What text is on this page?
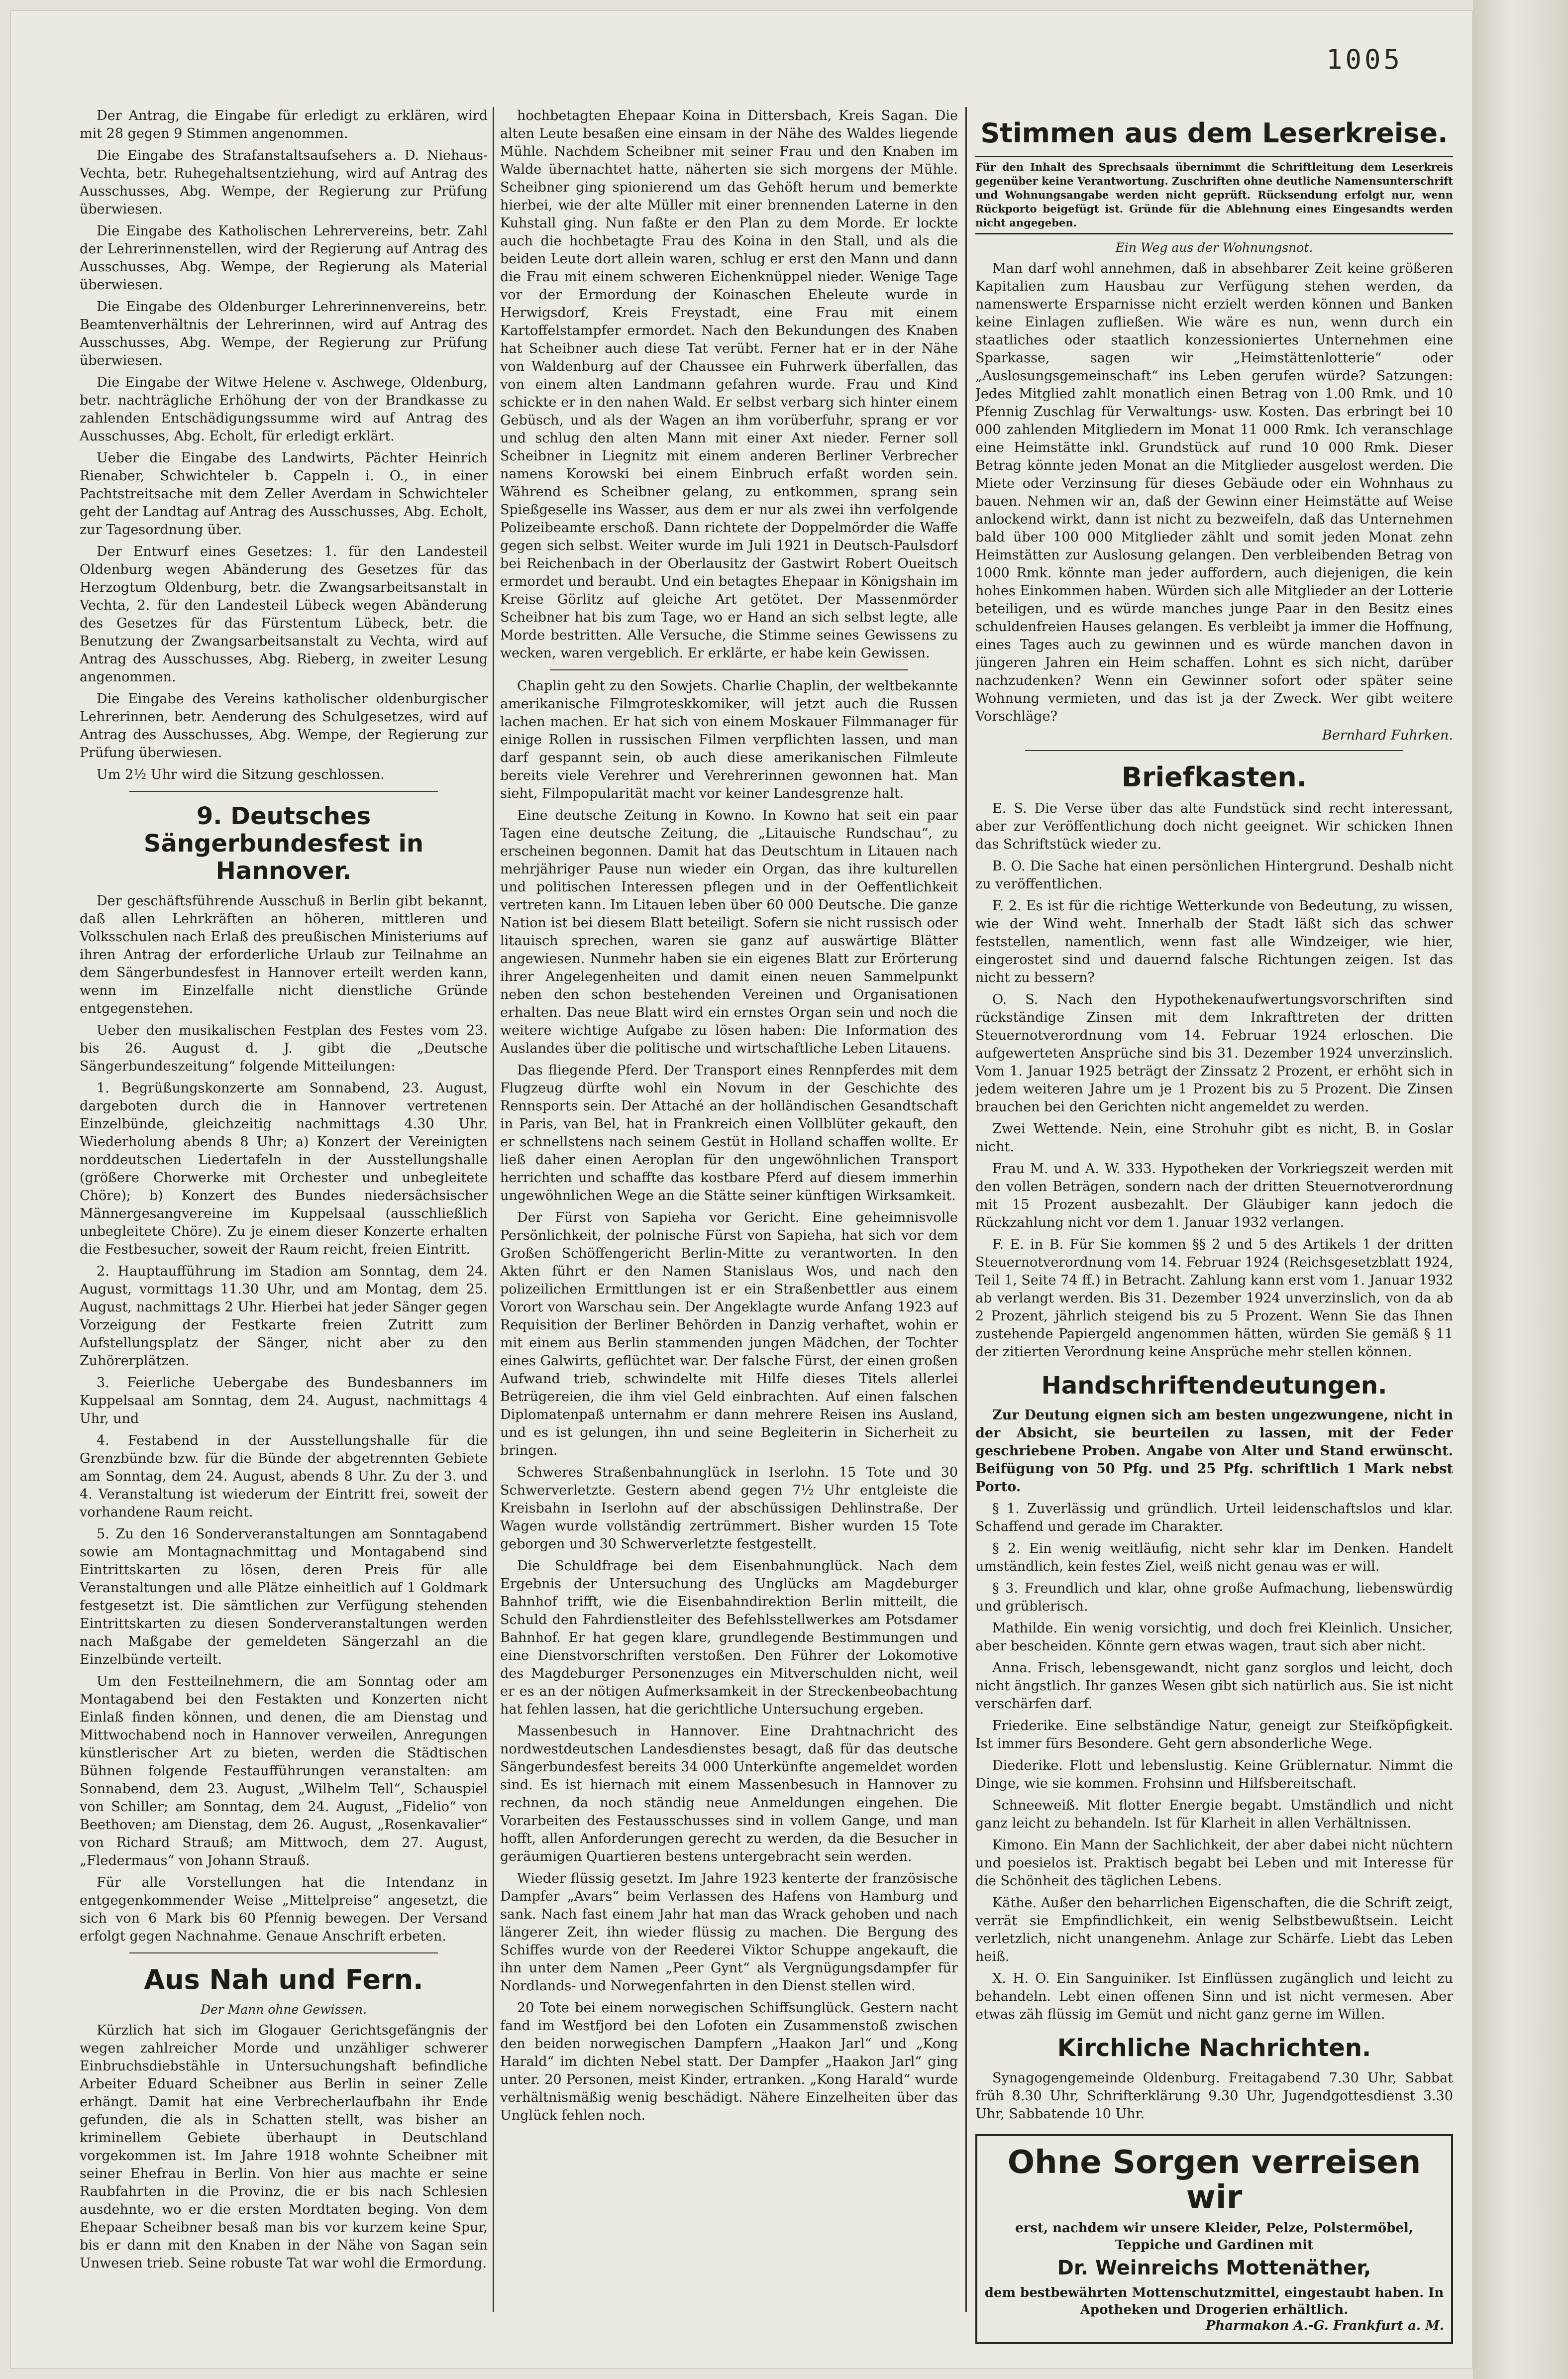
1005

Der Antrag, die Eingabe für erledigt zu erklären, wird mit 28 gegen 9 Stimmen angenommen.

Die Eingabe des Strafanstaltsaufsehers a. D. Niehaus-Vechta, betr. Ruhegehaltsentziehung, wird auf Antrag des Ausschusses, Abg. Wempe, der Regierung zur Prüfung überwiesen.

Die Eingabe des Katholischen Lehrervereins, betr. Zahl der Lehrerinnenstellen, wird der Regierung auf Antrag des Ausschusses, Abg. Wempe, der Regierung als Material überwiesen.

Die Eingabe des Oldenburger Lehrerinnenvereins, betr. Beamtenverhältnis der Lehrerinnen, wird auf Antrag des Ausschusses, Abg. Wempe, der Regierung zur Prüfung überwiesen.

Die Eingabe der Witwe Helene v. Aschwege, Oldenburg, betr. nachträgliche Erhöhung der von der Brandkasse zu zahlenden Entschädigungssumme wird auf Antrag des Ausschusses, Abg. Echolt, für erledigt erklärt.

Ueber die Eingabe des Landwirts, Pächter Heinrich Rienaber, Schwichteler b. Cappeln i. O., in einer Pachtstreitsache mit dem Zeller Averdam in Schwichteler geht der Landtag auf Antrag des Ausschusses, Abg. Echolt, zur Tagesordnung über.

Der Entwurf eines Gesetzes: 1. für den Landesteil Oldenburg wegen Abänderung des Gesetzes für das Herzogtum Oldenburg, betr. die Zwangsarbeitsanstalt in Vechta, 2. für den Landesteil Lübeck wegen Abänderung des Gesetzes für das Fürstentum Lübeck, betr. die Benutzung der Zwangsarbeitsanstalt zu Vechta, wird auf Antrag des Ausschusses, Abg. Rieberg, in zweiter Lesung angenommen.

Die Eingabe des Vereins katholischer oldenburgischer Lehrerinnen, betr. Aenderung des Schulgesetzes, wird auf Antrag des Ausschusses, Abg. Wempe, der Regierung zur Prüfung überwiesen.

Um 2½ Uhr wird die Sitzung geschlossen.

9. Deutsches Sängerbundesfest in Hannover.

Der geschäftsführende Ausschuß in Berlin gibt bekannt, daß allen Lehrkräften an höheren, mittleren und Volksschulen nach Erlaß des preußischen Ministeriums auf ihren Antrag der erforderliche Urlaub zur Teilnahme an dem Sängerbundesfest in Hannover erteilt werden kann, wenn im Einzelfalle nicht dienstliche Gründe entgegenstehen.

Ueber den musikalischen Festplan des Festes vom 23. bis 26. August d. J. gibt die „Deutsche Sängerbundeszeitung“ folgende Mitteilungen:

1. Begrüßungskonzerte am Sonnabend, 23. August, dargeboten durch die in Hannover vertretenen Einzelbünde, gleichzeitig nachmittags 4.30 Uhr. Wiederholung abends 8 Uhr; a) Konzert der Vereinigten norddeutschen Liedertafeln in der Ausstellungshalle (größere Chorwerke mit Orchester und unbegleitete Chöre); b) Konzert des Bundes niedersächsischer Männergesangvereine im Kuppelsaal (ausschließlich unbegleitete Chöre). Zu je einem dieser Konzerte erhalten die Festbesucher, soweit der Raum reicht, freien Eintritt.

2. Hauptaufführung im Stadion am Sonntag, dem 24. August, vormittags 11.30 Uhr, und am Montag, dem 25. August, nachmittags 2 Uhr. Hierbei hat jeder Sänger gegen Vorzeigung der Festkarte freien Zutritt zum Aufstellungsplatz der Sänger, nicht aber zu den Zuhörerplätzen.

3. Feierliche Uebergabe des Bundesbanners im Kuppelsaal am Sonntag, dem 24. August, nachmittags 4 Uhr, und

4. Festabend in der Ausstellungshalle für die Grenzbünde bzw. für die Bünde der abgetrennten Gebiete am Sonntag, dem 24. August, abends 8 Uhr. Zu der 3. und 4. Veranstaltung ist wiederum der Eintritt frei, soweit der vorhandene Raum reicht.

5. Zu den 16 Sonderveranstaltungen am Sonntagabend sowie am Montagnachmittag und Montagabend sind Eintrittskarten zu lösen, deren Preis für alle Veranstaltungen und alle Plätze einheitlich auf 1 Goldmark festgesetzt ist. Die sämtlichen zur Verfügung stehenden Eintrittskarten zu diesen Sonderveranstaltungen werden nach Maßgabe der gemeldeten Sängerzahl an die Einzelbünde verteilt.

Um den Festteilnehmern, die am Sonntag oder am Montagabend bei den Festakten und Konzerten nicht Einlaß finden können, und denen, die am Dienstag und Mittwochabend noch in Hannover verweilen, Anregungen künstlerischer Art zu bieten, werden die Städtischen Bühnen folgende Festaufführungen veranstalten: am Sonnabend, dem 23. August, „Wilhelm Tell“, Schauspiel von Schiller; am Sonntag, dem 24. August, „Fidelio“ von Beethoven; am Dienstag, dem 26. August, „Rosenkavalier“ von Richard Strauß; am Mittwoch, dem 27. August, „Fledermaus“ von Johann Strauß.

Für alle Vorstellungen hat die Intendanz in entgegenkommender Weise „Mittelpreise“ angesetzt, die sich von 6 Mark bis 60 Pfennig bewegen. Der Versand erfolgt gegen Nachnahme. Genaue Anschrift erbeten.

Aus Nah und Fern.
Der Mann ohne Gewissen.

Kürzlich hat sich im Glogauer Gerichtsgefängnis der wegen zahlreicher Morde und unzähliger schwerer Einbruchsdiebstähle in Untersuchungshaft befindliche Arbeiter Eduard Scheibner aus Berlin in seiner Zelle erhängt. Damit hat eine Verbrecherlaufbahn ihr Ende gefunden, die als in Schatten stellt, was bisher an kriminellem Gebiete überhaupt in Deutschland vorgekommen ist. Im Jahre 1918 wohnte Scheibner mit seiner Ehefrau in Berlin. Von hier aus machte er seine Raubfahrten in die Provinz, die er bis nach Schlesien ausdehnte, wo er die ersten Mordtaten beging. Von dem Ehepaar Scheibner besaß man bis vor kurzem keine Spur, bis er dann mit den Knaben in der Nähe von Sagan sein Unwesen trieb. Seine robuste Tat war wohl die Ermordung.

hochbetagten Ehepaar Koina in Dittersbach, Kreis Sagan. Die alten Leute besaßen eine einsam in der Nähe des Waldes liegende Mühle. Nachdem Scheibner mit seiner Frau und den Knaben im Walde übernachtet hatte, näherten sie sich morgens der Mühle. Scheibner ging spionierend um das Gehöft herum und bemerkte hierbei, wie der alte Müller mit einer brennenden Laterne in den Kuhstall ging. Nun faßte er den Plan zu dem Morde. Er lockte auch die hochbetagte Frau des Koina in den Stall, und als die beiden Leute dort allein waren, schlug er erst den Mann und dann die Frau mit einem schweren Eichenknüppel nieder. Wenige Tage vor der Ermordung der Koinaschen Eheleute wurde in Herwigsdorf, Kreis Freystadt, eine Frau mit einem Kartoffelstampfer ermordet. Nach den Bekundungen des Knaben hat Scheibner auch diese Tat verübt. Ferner hat er in der Nähe von Waldenburg auf der Chaussee ein Fuhrwerk überfallen, das von einem alten Landmann gefahren wurde. Frau und Kind schickte er in den nahen Wald. Er selbst verbarg sich hinter einem Gebüsch, und als der Wagen an ihm vorüberfuhr, sprang er vor und schlug den alten Mann mit einer Axt nieder. Ferner soll Scheibner in Liegnitz mit einem anderen Berliner Verbrecher namens Korowski bei einem Einbruch erfaßt worden sein. Während es Scheibner gelang, zu entkommen, sprang sein Spießgeselle ins Wasser, aus dem er nur als zwei ihn verfolgende Polizeibeamte erschoß. Dann richtete der Doppelmörder die Waffe gegen sich selbst. Weiter wurde im Juli 1921 in Deutsch-Paulsdorf bei Reichenbach in der Oberlausitz der Gastwirt Robert Oueitsch ermordet und beraubt. Und ein betagtes Ehepaar in Königshain im Kreise Görlitz auf gleiche Art getötet. Der Massenmörder Scheibner hat bis zum Tage, wo er Hand an sich selbst legte, alle Morde bestritten. Alle Versuche, die Stimme seines Gewissens zu wecken, waren vergeblich. Er erklärte, er habe kein Gewissen.

Chaplin geht zu den Sowjets. Charlie Chaplin, der weltbekannte amerikanische Filmgroteskkomiker, will jetzt auch die Russen lachen machen. Er hat sich von einem Moskauer Filmmanager für einige Rollen in russischen Filmen verpflichten lassen, und man darf gespannt sein, ob auch diese amerikanischen Filmleute bereits viele Verehrer und Verehrerinnen gewonnen hat. Man sieht, Filmpopularität macht vor keiner Landesgrenze halt.

Eine deutsche Zeitung in Kowno. In Kowno hat seit ein paar Tagen eine deutsche Zeitung, die „Litauische Rundschau“, zu erscheinen begonnen. Damit hat das Deutschtum in Litauen nach mehrjähriger Pause nun wieder ein Organ, das ihre kulturellen und politischen Interessen pflegen und in der Oeffentlichkeit vertreten kann. Im Litauen leben über 60 000 Deutsche. Die ganze Nation ist bei diesem Blatt beteiligt. Sofern sie nicht russisch oder litauisch sprechen, waren sie ganz auf auswärtige Blätter angewiesen. Nunmehr haben sie ein eigenes Blatt zur Erörterung ihrer Angelegenheiten und damit einen neuen Sammelpunkt neben den schon bestehenden Vereinen und Organisationen erhalten. Das neue Blatt wird ein ernstes Organ sein und noch die weitere wichtige Aufgabe zu lösen haben: Die Information des Auslandes über die politische und wirtschaftliche Leben Litauens.

Das fliegende Pferd. Der Transport eines Rennpferdes mit dem Flugzeug dürfte wohl ein Novum in der Geschichte des Rennsports sein. Der Attaché an der holländischen Gesandtschaft in Paris, van Bel, hat in Frankreich einen Vollblüter gekauft, den er schnellstens nach seinem Gestüt in Holland schaffen wollte. Er ließ daher einen Aeroplan für den ungewöhnlichen Transport herrichten und schaffte das kostbare Pferd auf diesem immerhin ungewöhnlichen Wege an die Stätte seiner künftigen Wirksamkeit.

Der Fürst von Sapieha vor Gericht. Eine geheimnisvolle Persönlichkeit, der polnische Fürst von Sapieha, hat sich vor dem Großen Schöffengericht Berlin-Mitte zu verantworten. In den Akten führt er den Namen Stanislaus Wos, und nach den polizeilichen Ermittlungen ist er ein Straßenbettler aus einem Vorort von Warschau sein. Der Angeklagte wurde Anfang 1923 auf Requisition der Berliner Behörden in Danzig verhaftet, wohin er mit einem aus Berlin stammenden jungen Mädchen, der Tochter eines Galwirts, geflüchtet war. Der falsche Fürst, der einen großen Aufwand trieb, schwindelte mit Hilfe dieses Titels allerlei Betrügereien, die ihm viel Geld einbrachten. Auf einen falschen Diplomatenpaß unternahm er dann mehrere Reisen ins Ausland, und es ist gelungen, ihn und seine Begleiterin in Sicherheit zu bringen.

Schweres Straßenbahnunglück in Iserlohn. 15 Tote und 30 Schwerverletzte. Gestern abend gegen 7½ Uhr entgleiste die Kreisbahn in Iserlohn auf der abschüssigen Dehlinstraße. Der Wagen wurde vollständig zertrümmert. Bisher wurden 15 Tote geborgen und 30 Schwerverletzte festgestellt.

Die Schuldfrage bei dem Eisenbahnunglück. Nach dem Ergebnis der Untersuchung des Unglücks am Magdeburger Bahnhof trifft, wie die Eisenbahndirektion Berlin mitteilt, die Schuld den Fahrdienstleiter des Befehlsstellwerkes am Potsdamer Bahnhof. Er hat gegen klare, grundlegende Bestimmungen und eine Dienstvorschriften verstoßen. Den Führer der Lokomotive des Magdeburger Personenzuges ein Mitverschulden nicht, weil er es an der nötigen Aufmerksamkeit in der Streckenbeobachtung hat fehlen lassen, hat die gerichtliche Untersuchung ergeben.

Massenbesuch in Hannover. Eine Drahtnachricht des nordwestdeutschen Landesdienstes besagt, daß für das deutsche Sängerbundesfest bereits 34 000 Unterkünfte angemeldet worden sind. Es ist hiernach mit einem Massenbesuch in Hannover zu rechnen, da noch ständig neue Anmeldungen eingehen. Die Vorarbeiten des Festausschusses sind in vollem Gange, und man hofft, allen Anforderungen gerecht zu werden, da die Besucher in geräumigen Quartieren bestens untergebracht sein werden.

Wieder flüssig gesetzt. Im Jahre 1923 kenterte der französische Dampfer „Avars“ beim Verlassen des Hafens von Hamburg und sank. Nach fast einem Jahr hat man das Wrack gehoben und nach längerer Zeit, ihn wieder flüssig zu machen. Die Bergung des Schiffes wurde von der Reederei Viktor Schuppe angekauft, die ihn unter dem Namen „Peer Gynt“ als Vergnügungsdampfer für Nordlands- und Norwegenfahrten in den Dienst stellen wird.

20 Tote bei einem norwegischen Schiffsunglück. Gestern nacht fand im Westfjord bei den Lofoten ein Zusammenstoß zwischen den beiden norwegischen Dampfern „Haakon Jarl“ und „Kong Harald“ im dichten Nebel statt. Der Dampfer „Haakon Jarl“ ging unter. 20 Personen, meist Kinder, ertranken. „Kong Harald“ wurde verhältnismäßig wenig beschädigt. Nähere Einzelheiten über das Unglück fehlen noch.

Stimmen aus dem Leserkreise.
Für den Inhalt des Sprechsaals übernimmt die Schriftleitung dem Leserkreis gegenüber keine Verantwortung. Zuschriften ohne deutliche Namensunterschrift und Wohnungsangabe werden nicht geprüft. Rücksendung erfolgt nur, wenn Rückporto beigefügt ist. Gründe für die Ablehnung eines Eingesandts werden nicht angegeben.
Ein Weg aus der Wohnungsnot.

Man darf wohl annehmen, daß in absehbarer Zeit keine größeren Kapitalien zum Hausbau zur Verfügung stehen werden, da namenswerte Ersparnisse nicht erzielt werden können und Banken keine Einlagen zufließen. Wie wäre es nun, wenn durch ein staatliches oder staatlich konzessioniertes Unternehmen eine Sparkasse, sagen wir „Heimstättenlotterie“ oder „Auslosungsgemeinschaft“ ins Leben gerufen würde? Satzungen: Jedes Mitglied zahlt monatlich einen Betrag von 1.00 Rmk. und 10 Pfennig Zuschlag für Verwaltungs- usw. Kosten. Das erbringt bei 10 000 zahlenden Mitgliedern im Monat 11 000 Rmk. Ich veranschlage eine Heimstätte inkl. Grundstück auf rund 10 000 Rmk. Dieser Betrag könnte jeden Monat an die Mitglieder ausgelost werden. Die Miete oder Verzinsung für dieses Gebäude oder ein Wohnhaus zu bauen. Nehmen wir an, daß der Gewinn einer Heimstätte auf Weise anlockend wirkt, dann ist nicht zu bezweifeln, daß das Unternehmen bald über 100 000 Mitglieder zählt und somit jeden Monat zehn Heimstätten zur Auslosung gelangen. Den verbleibenden Betrag von 1000 Rmk. könnte man jeder auffordern, auch diejenigen, die kein hohes Einkommen haben. Würden sich alle Mitglieder an der Lotterie beteiligen, und es würde manches junge Paar in den Besitz eines schuldenfreien Hauses gelangen. Es verbleibt ja immer die Hoffnung, eines Tages auch zu gewinnen und es würde manchen davon in jüngeren Jahren ein Heim schaffen. Lohnt es sich nicht, darüber nachzudenken? Wenn ein Gewinner sofort oder später seine Wohnung vermieten, und das ist ja der Zweck. Wer gibt weitere Vorschläge?

Bernhard Fuhrken.
Briefkasten.

E. S. Die Verse über das alte Fundstück sind recht interessant, aber zur Veröffentlichung doch nicht geeignet. Wir schicken Ihnen das Schriftstück wieder zu.

B. O. Die Sache hat einen persönlichen Hintergrund. Deshalb nicht zu veröffentlichen.

F. 2. Es ist für die richtige Wetterkunde von Bedeutung, zu wissen, wie der Wind weht. Innerhalb der Stadt läßt sich das schwer feststellen, namentlich, wenn fast alle Windzeiger, wie hier, eingerostet sind und dauernd falsche Richtungen zeigen. Ist das nicht zu bessern?

O. S. Nach den Hypothekenaufwertungsvorschriften sind rückständige Zinsen mit dem Inkrafttreten der dritten Steuernotverordnung vom 14. Februar 1924 erloschen. Die aufgewerteten Ansprüche sind bis 31. Dezember 1924 unverzinslich. Vom 1. Januar 1925 beträgt der Zinssatz 2 Prozent, er erhöht sich in jedem weiteren Jahre um je 1 Prozent bis zu 5 Prozent. Die Zinsen brauchen bei den Gerichten nicht angemeldet zu werden.

Zwei Wettende. Nein, eine Strohuhr gibt es nicht, B. in Goslar nicht.

Frau M. und A. W. 333. Hypotheken der Vorkriegszeit werden mit den vollen Beträgen, sondern nach der dritten Steuernotverordnung mit 15 Prozent ausbezahlt. Der Gläubiger kann jedoch die Rückzahlung nicht vor dem 1. Januar 1932 verlangen.

F. E. in B. Für Sie kommen §§ 2 und 5 des Artikels 1 der dritten Steuernotverordnung vom 14. Februar 1924 (Reichsgesetzblatt 1924, Teil 1, Seite 74 ff.) in Betracht. Zahlung kann erst vom 1. Januar 1932 ab verlangt werden. Bis 31. Dezember 1924 unverzinslich, von da ab 2 Prozent, jährlich steigend bis zu 5 Prozent. Wenn Sie das Ihnen zustehende Papiergeld angenommen hätten, würden Sie gemäß § 11 der zitierten Verordnung keine Ansprüche mehr stellen können.

Handschriftendeutungen.

Zur Deutung eignen sich am besten ungezwungene, nicht in der Absicht, sie beurteilen zu lassen, mit der Feder geschriebene Proben. Angabe von Alter und Stand erwünscht. Beifügung von 50 Pfg. und 25 Pfg. schriftlich 1 Mark nebst Porto.

§ 1. Zuverlässig und gründlich. Urteil leidenschaftslos und klar. Schaffend und gerade im Charakter.

§ 2. Ein wenig weitläufig, nicht sehr klar im Denken. Handelt umständlich, kein festes Ziel, weiß nicht genau was er will.

§ 3. Freundlich und klar, ohne große Aufmachung, liebenswürdig und grüblerisch.

Mathilde. Ein wenig vorsichtig, und doch frei Kleinlich. Unsicher, aber bescheiden. Könnte gern etwas wagen, traut sich aber nicht.

Anna. Frisch, lebensgewandt, nicht ganz sorglos und leicht, doch nicht ängstlich. Ihr ganzes Wesen gibt sich natürlich aus. Sie ist nicht verschärfen darf.

Friederike. Eine selbständige Natur, geneigt zur Steifköpfigkeit. Ist immer fürs Besondere. Geht gern absonderliche Wege.

Diederike. Flott und lebenslustig. Keine Grüblernatur. Nimmt die Dinge, wie sie kommen. Frohsinn und Hilfsbereitschaft.

Schneeweiß. Mit flotter Energie begabt. Umständlich und nicht ganz leicht zu behandeln. Ist für Klarheit in allen Verhältnissen.

Kimono. Ein Mann der Sachlichkeit, der aber dabei nicht nüchtern und poesielos ist. Praktisch begabt bei Leben und mit Interesse für die Schönheit des täglichen Lebens.

Käthe. Außer den beharrlichen Eigenschaften, die die Schrift zeigt, verrät sie Empfindlichkeit, ein wenig Selbstbewußtsein. Leicht verletzlich, nicht unangenehm. Anlage zur Schärfe. Liebt das Leben heiß.

X. H. O. Ein Sanguiniker. Ist Einflüssen zugänglich und leicht zu behandeln. Lebt einen offenen Sinn und ist nicht vermesen. Aber etwas zäh flüssig im Gemüt und nicht ganz gerne im Willen.

Kirchliche Nachrichten.

Synagogengemeinde Oldenburg. Freitagabend 7.30 Uhr, Sabbat früh 8.30 Uhr, Schrifterklärung 9.30 Uhr, Jugendgottesdienst 3.30 Uhr, Sabbatende 10 Uhr.

Ohne Sorgen verreisen wir
erst, nachdem wir unsere Kleider, Pelze, Polstermöbel, Teppiche und Gardinen mit
Dr. Weinreichs Mottenäther,
dem bestbewährten Mottenschutzmittel, eingestaubt haben. In Apotheken und Drogerien erhältlich.
Pharmakon A.-G. Frankfurt a. M.
